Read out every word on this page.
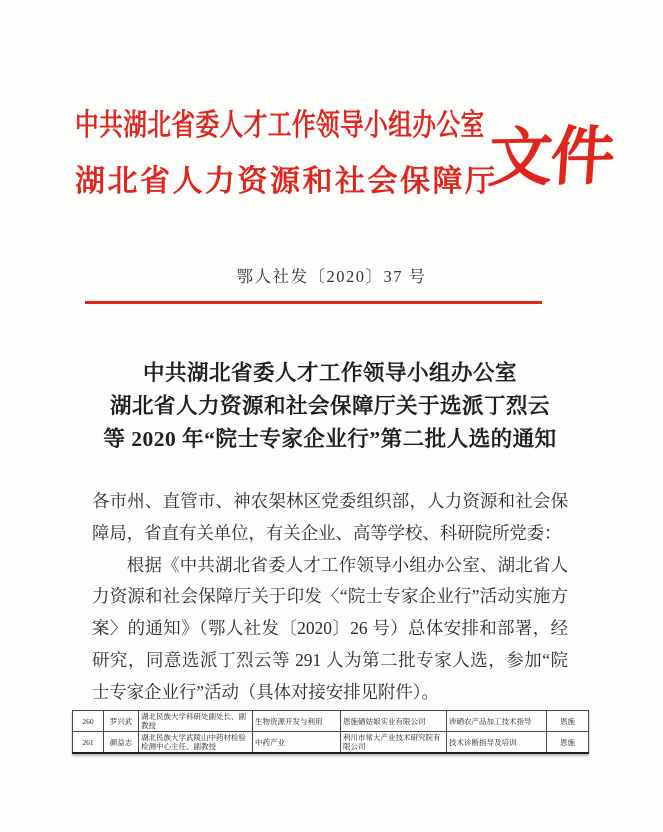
中共湖北省委人才工作领导小组办公室
湖北省人力资源和社会保障厅
文件
鄂人社发〔2020〕37 号
中共湖北省委人才工作领导小组办公室
湖北省人力资源和社会保障厅关于选派丁烈云
等 2020 年“院士专家企业行”第二批人选的通知

各市州、直管市、神农架林区党委组织部，人力资源和社会保障局，省直有关单位，有关企业、高等学校、科研院所党委：

根据《中共湖北省委人才工作领导小组办公室、湖北省人力资源和社会保障厅关于印发〈“院士专家企业行”活动实施方案〉的通知》（鄂人社发〔2020〕26 号）总体安排和部署，经研究，同意选派丁烈云等 291 人为第二批专家人选，参加“院士专家企业行”活动（具体对接安排见附件）。

260	罗兴武	湖北民族大学科研处副处长、副教授	生物资源开发与利用	恩施硒姑娘实业有限公司	涉硒农产品加工技术指导	恩施
261	颜益志	湖北民族大学武陵山中药材检验检测中心主任、副教授	中药产业	利川市常大产业技术研究院有限公司	技术诊断指导及培训	恩施
